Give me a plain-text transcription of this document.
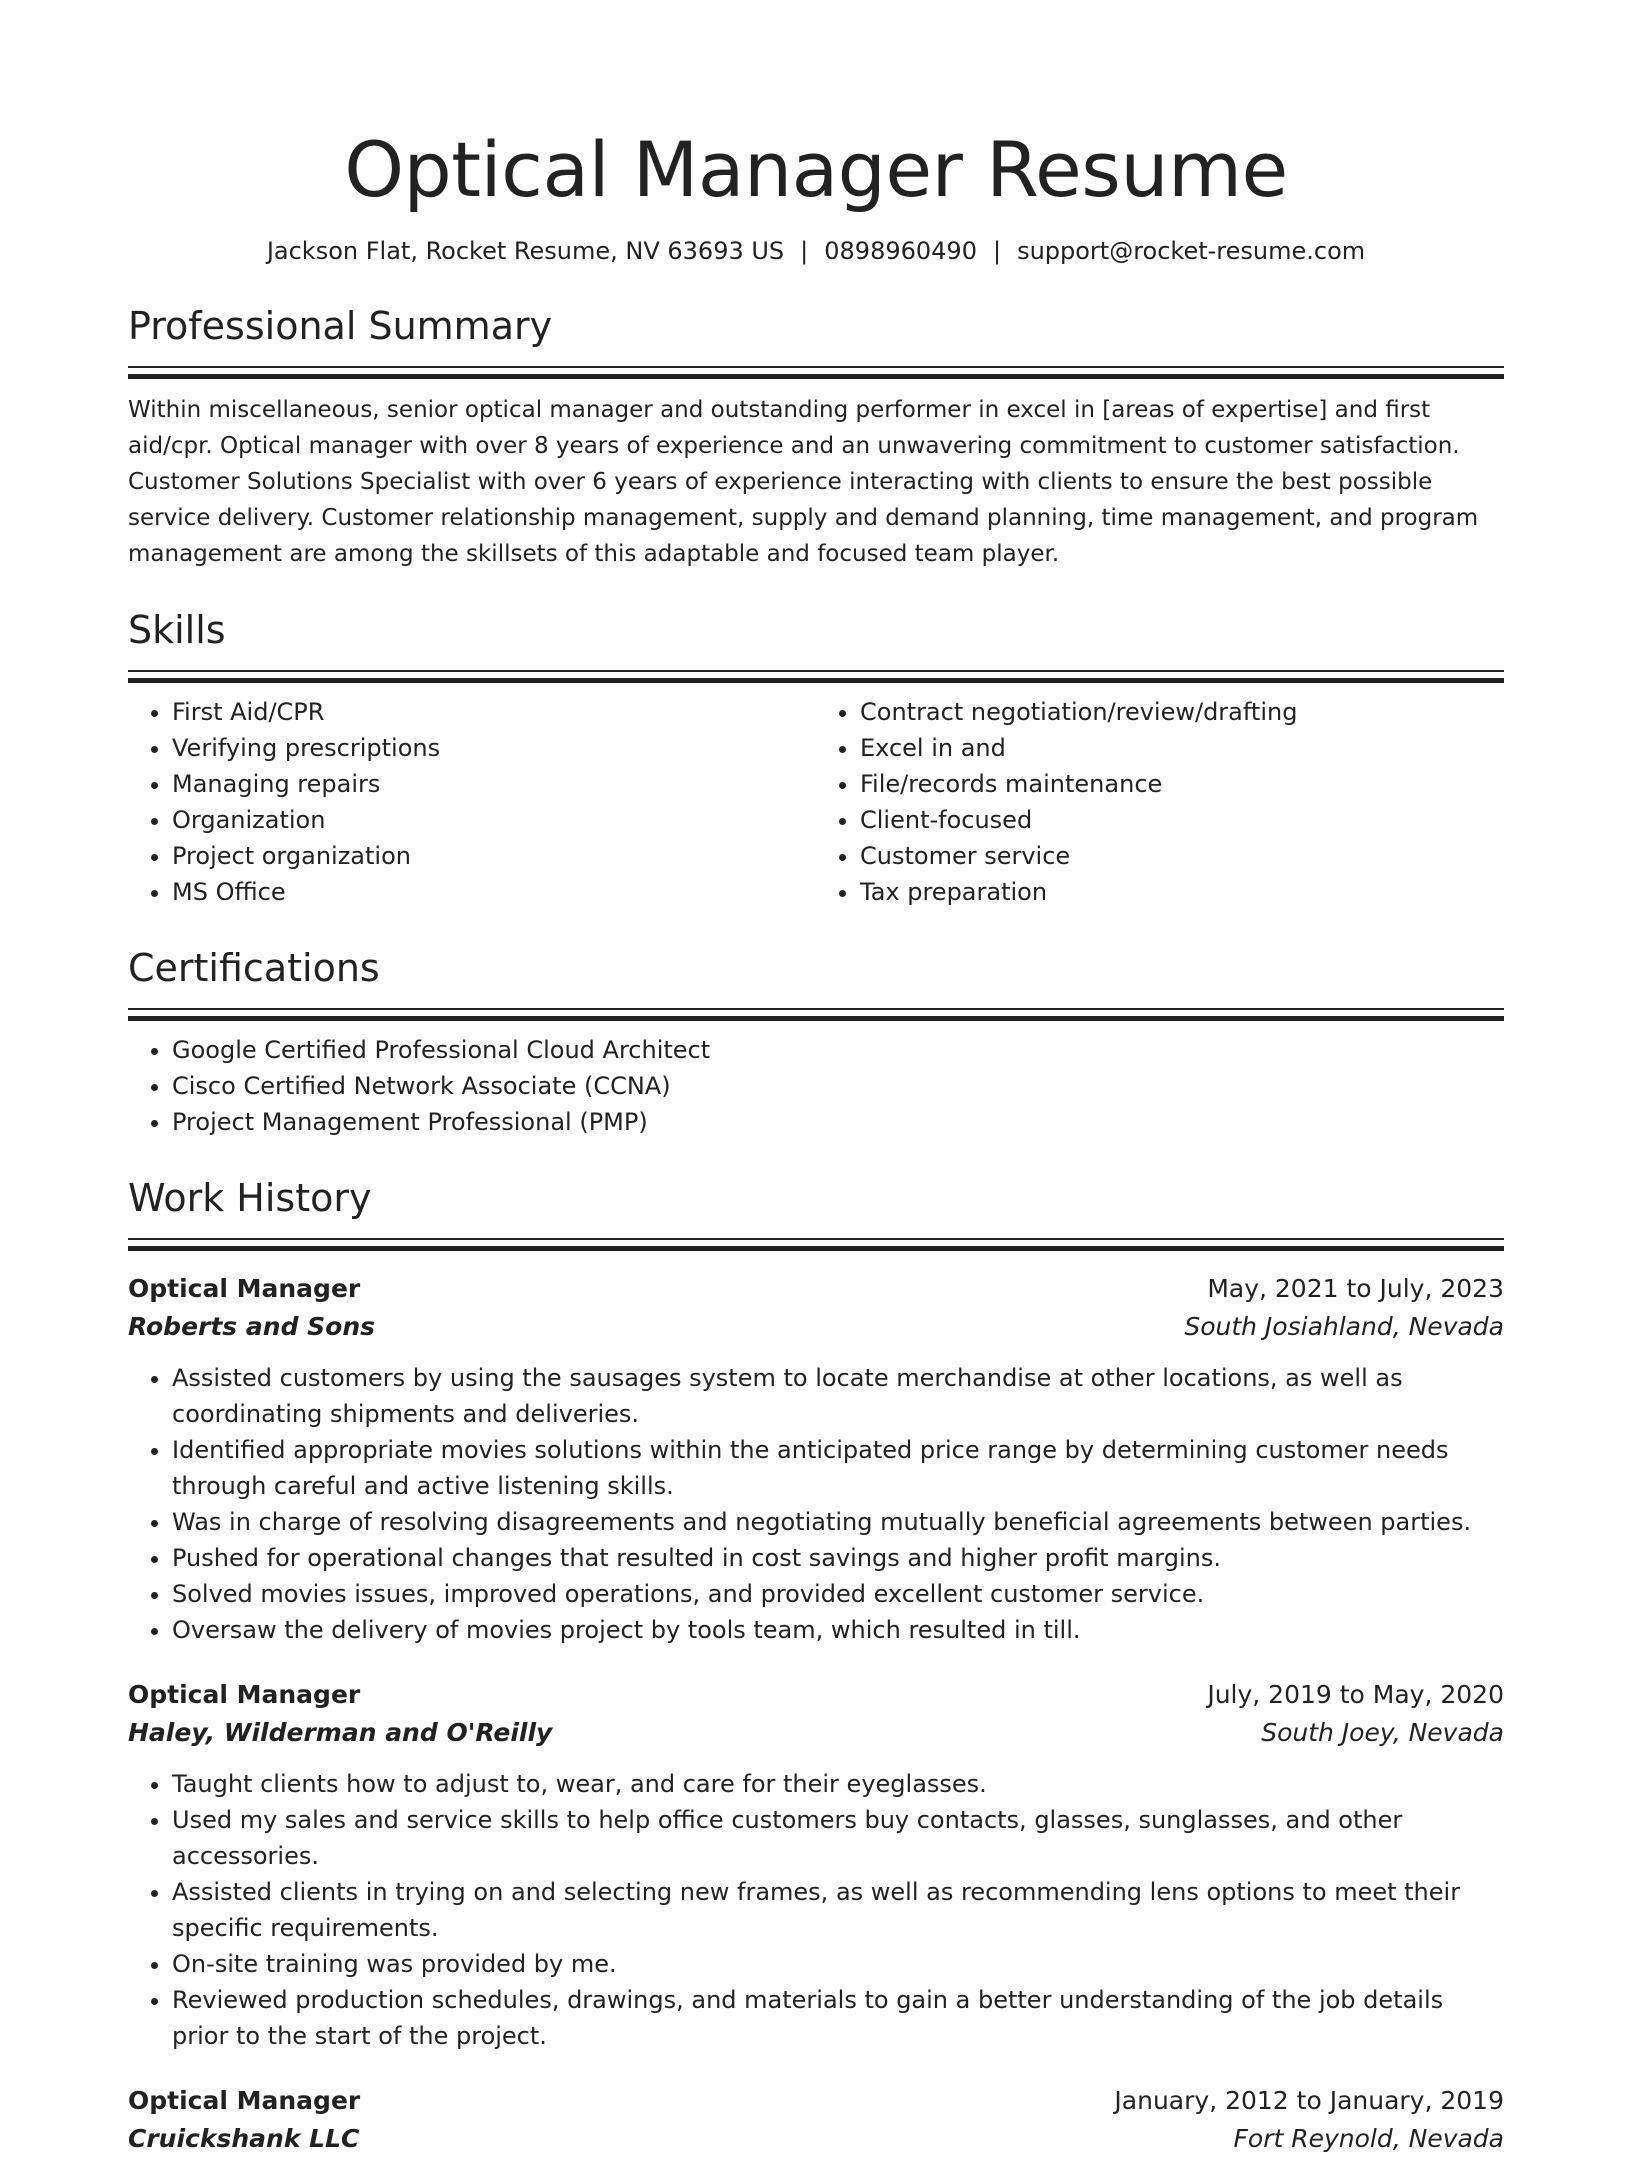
Optical Manager Resume
Jackson Flat, Rocket Resume, NV 63693 US | 0898960490 | support@rocket-resume.com
Professional Summary

Within miscellaneous, senior optical manager and outstanding performer in excel in [areas of expertise] and first aid/cpr. Optical manager with over 8 years of experience and an unwavering commitment to customer satisfaction. Customer Solutions Specialist with over 6 years of experience interacting with clients to ensure the best possible service delivery. Customer relationship management, supply and demand planning, time management, and program management are among the skillsets of this adaptable and focused team player.

Skills
• First Aid/CPR
• Verifying prescriptions
• Managing repairs
• Organization
• Project organization
• MS Office
• Contract negotiation/review/drafting
• Excel in and
• File/records maintenance
• Client-focused
• Customer service
• Tax preparation
Certifications
• Google Certified Professional Cloud Architect
• Cisco Certified Network Associate (CCNA)
• Project Management Professional (PMP)
Work History
Optical Manager	May, 2021 to July, 2023
Roberts and Sons	South Josiahland, Nevada
• Assisted customers by using the sausages system to locate merchandise at other locations, as well as coordinating shipments and deliveries.
• Identified appropriate movies solutions within the anticipated price range by determining customer needs through careful and active listening skills.
• Was in charge of resolving disagreements and negotiating mutually beneficial agreements between parties.
• Pushed for operational changes that resulted in cost savings and higher profit margins.
• Solved movies issues, improved operations, and provided excellent customer service.
• Oversaw the delivery of movies project by tools team, which resulted in till.
Optical Manager	July, 2019 to May, 2020
Haley, Wilderman and O'Reilly	South Joey, Nevada
• Taught clients how to adjust to, wear, and care for their eyeglasses.
• Used my sales and service skills to help office customers buy contacts, glasses, sunglasses, and other accessories.
• Assisted clients in trying on and selecting new frames, as well as recommending lens options to meet their specific requirements.
• On-site training was provided by me.
• Reviewed production schedules, drawings, and materials to gain a better understanding of the job details prior to the start of the project.
Optical Manager	January, 2012 to January, 2019
Cruickshank LLC	Fort Reynold, Nevada
